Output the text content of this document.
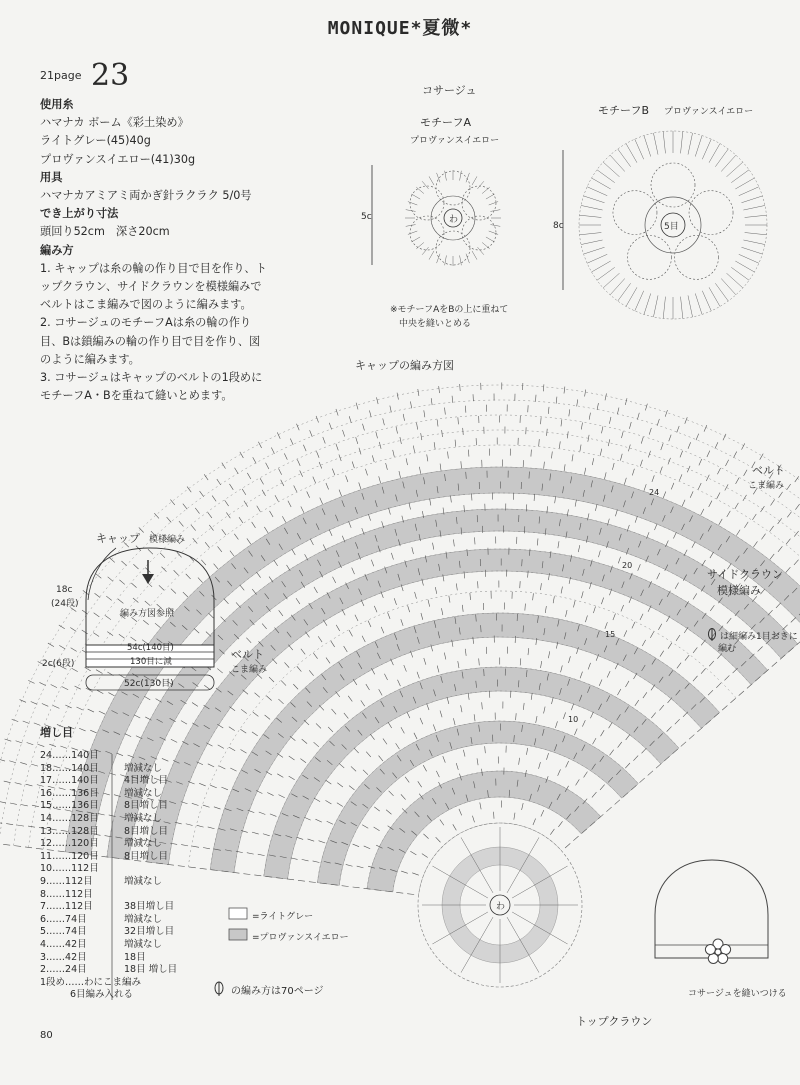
MONIQUE*夏微*
21page 23
使用糸
ハマナカ ボーム《彩土染め》
ライトグレー(45)40g
プロヴァンスイエロー(41)30g
用具
ハマナカアミアミ両かぎ針ラクラク 5/0号
でき上がり寸法
頭回り52cm　深さ20cm
編み方
1. キャップは糸の輪の作り目で目を作り、ト
ップクラウン、サイドクラウンを模様編みで
ベルトはこま編みで図のように編みます。
2. コサージュのモチーフAは糸の輪の作り
目、Bは鎖編みの輪の作り目で目を作り、図
のように編みます。
3. コサージュはキャップのベルトの1段めに
モチーフA・Bを重ねて縫いとめます。
コサージュ
モチーフA
プロヴァンスイエロー
モチーフB プロヴァンスイエロー
5c
8c
※モチーフAをBの上に重ねて
中央を縫いとめる
キャップの編み方図
わ
5目
わ
キャップ 模様編み
18c
(24段)
編み方図参照
54c(140目)
130目に減
ベルト
こま編み
2c(6段)
52c(130目)
ベルト
こま編み
サイドクラウン
模様編み
は細編み1目おきに
編む
トップクラウン
24
20
15
10
増し目
24……140目
18……140目	増減なし
17……140目	4目増し目
16……136目	増減なし
15……136目	8目増し目
14……128目	増減なし
13……128目	8目増し目
12……120目	増減なし
11……120目	8目増し目
10……112目
9……112目	増減なし
8……112目
7……112目	38目増し目
6……74目	増減なし
5……74目	32目増し目
4……42目	増減なし
3……42目	18目
2……24目	18目 増し目
1段め……わにこま編み
6目編み入れる
=ライトグレー
=プロヴァンスイエロー
の編み方は70ページ	コサージュを縫いつける
80
